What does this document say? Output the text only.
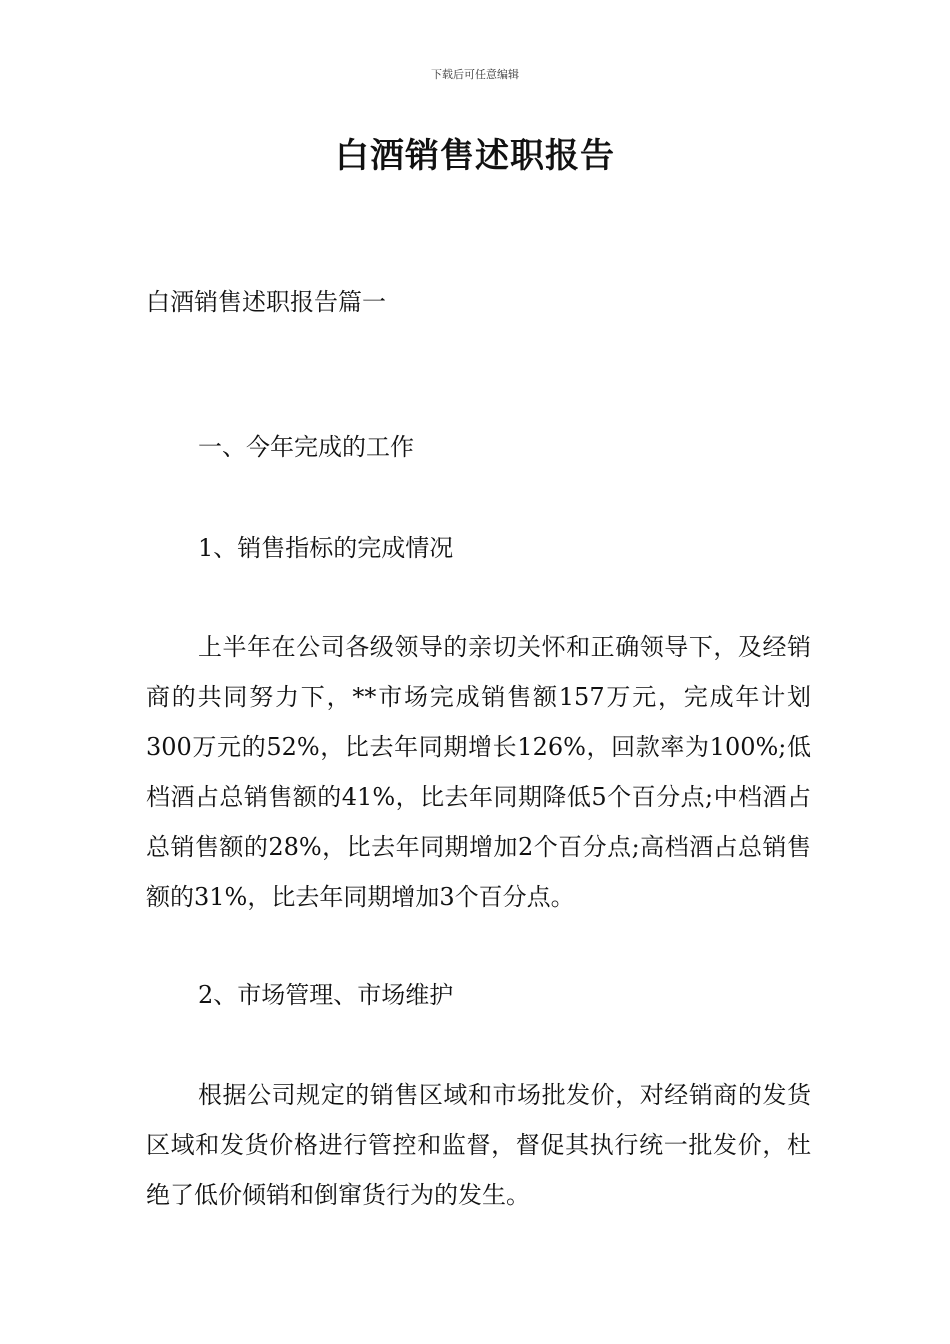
下载后可任意编辑
白酒销售述职报告
白酒销售述职报告篇一
一、今年完成的工作
1、销售指标的完成情况
上半年在公司各级领导的亲切关怀和正确领导下，及经销商的共同努力下，**市场完成销售额157万元，完成年计划300万元的52%，比去年同期增长126%，回款率为100%;低档酒占总销售额的41%，比去年同期降低5个百分点;中档酒占总销售额的28%，比去年同期增加2个百分点;高档酒占总销售额的31%，比去年同期增加3个百分点。
2、市场管理、市场维护
根据公司规定的销售区域和市场批发价，对经销商的发货区域和发货价格进行管控和监督，督促其执行统一批发价，杜绝了低价倾销和倒窜货行为的发生。
